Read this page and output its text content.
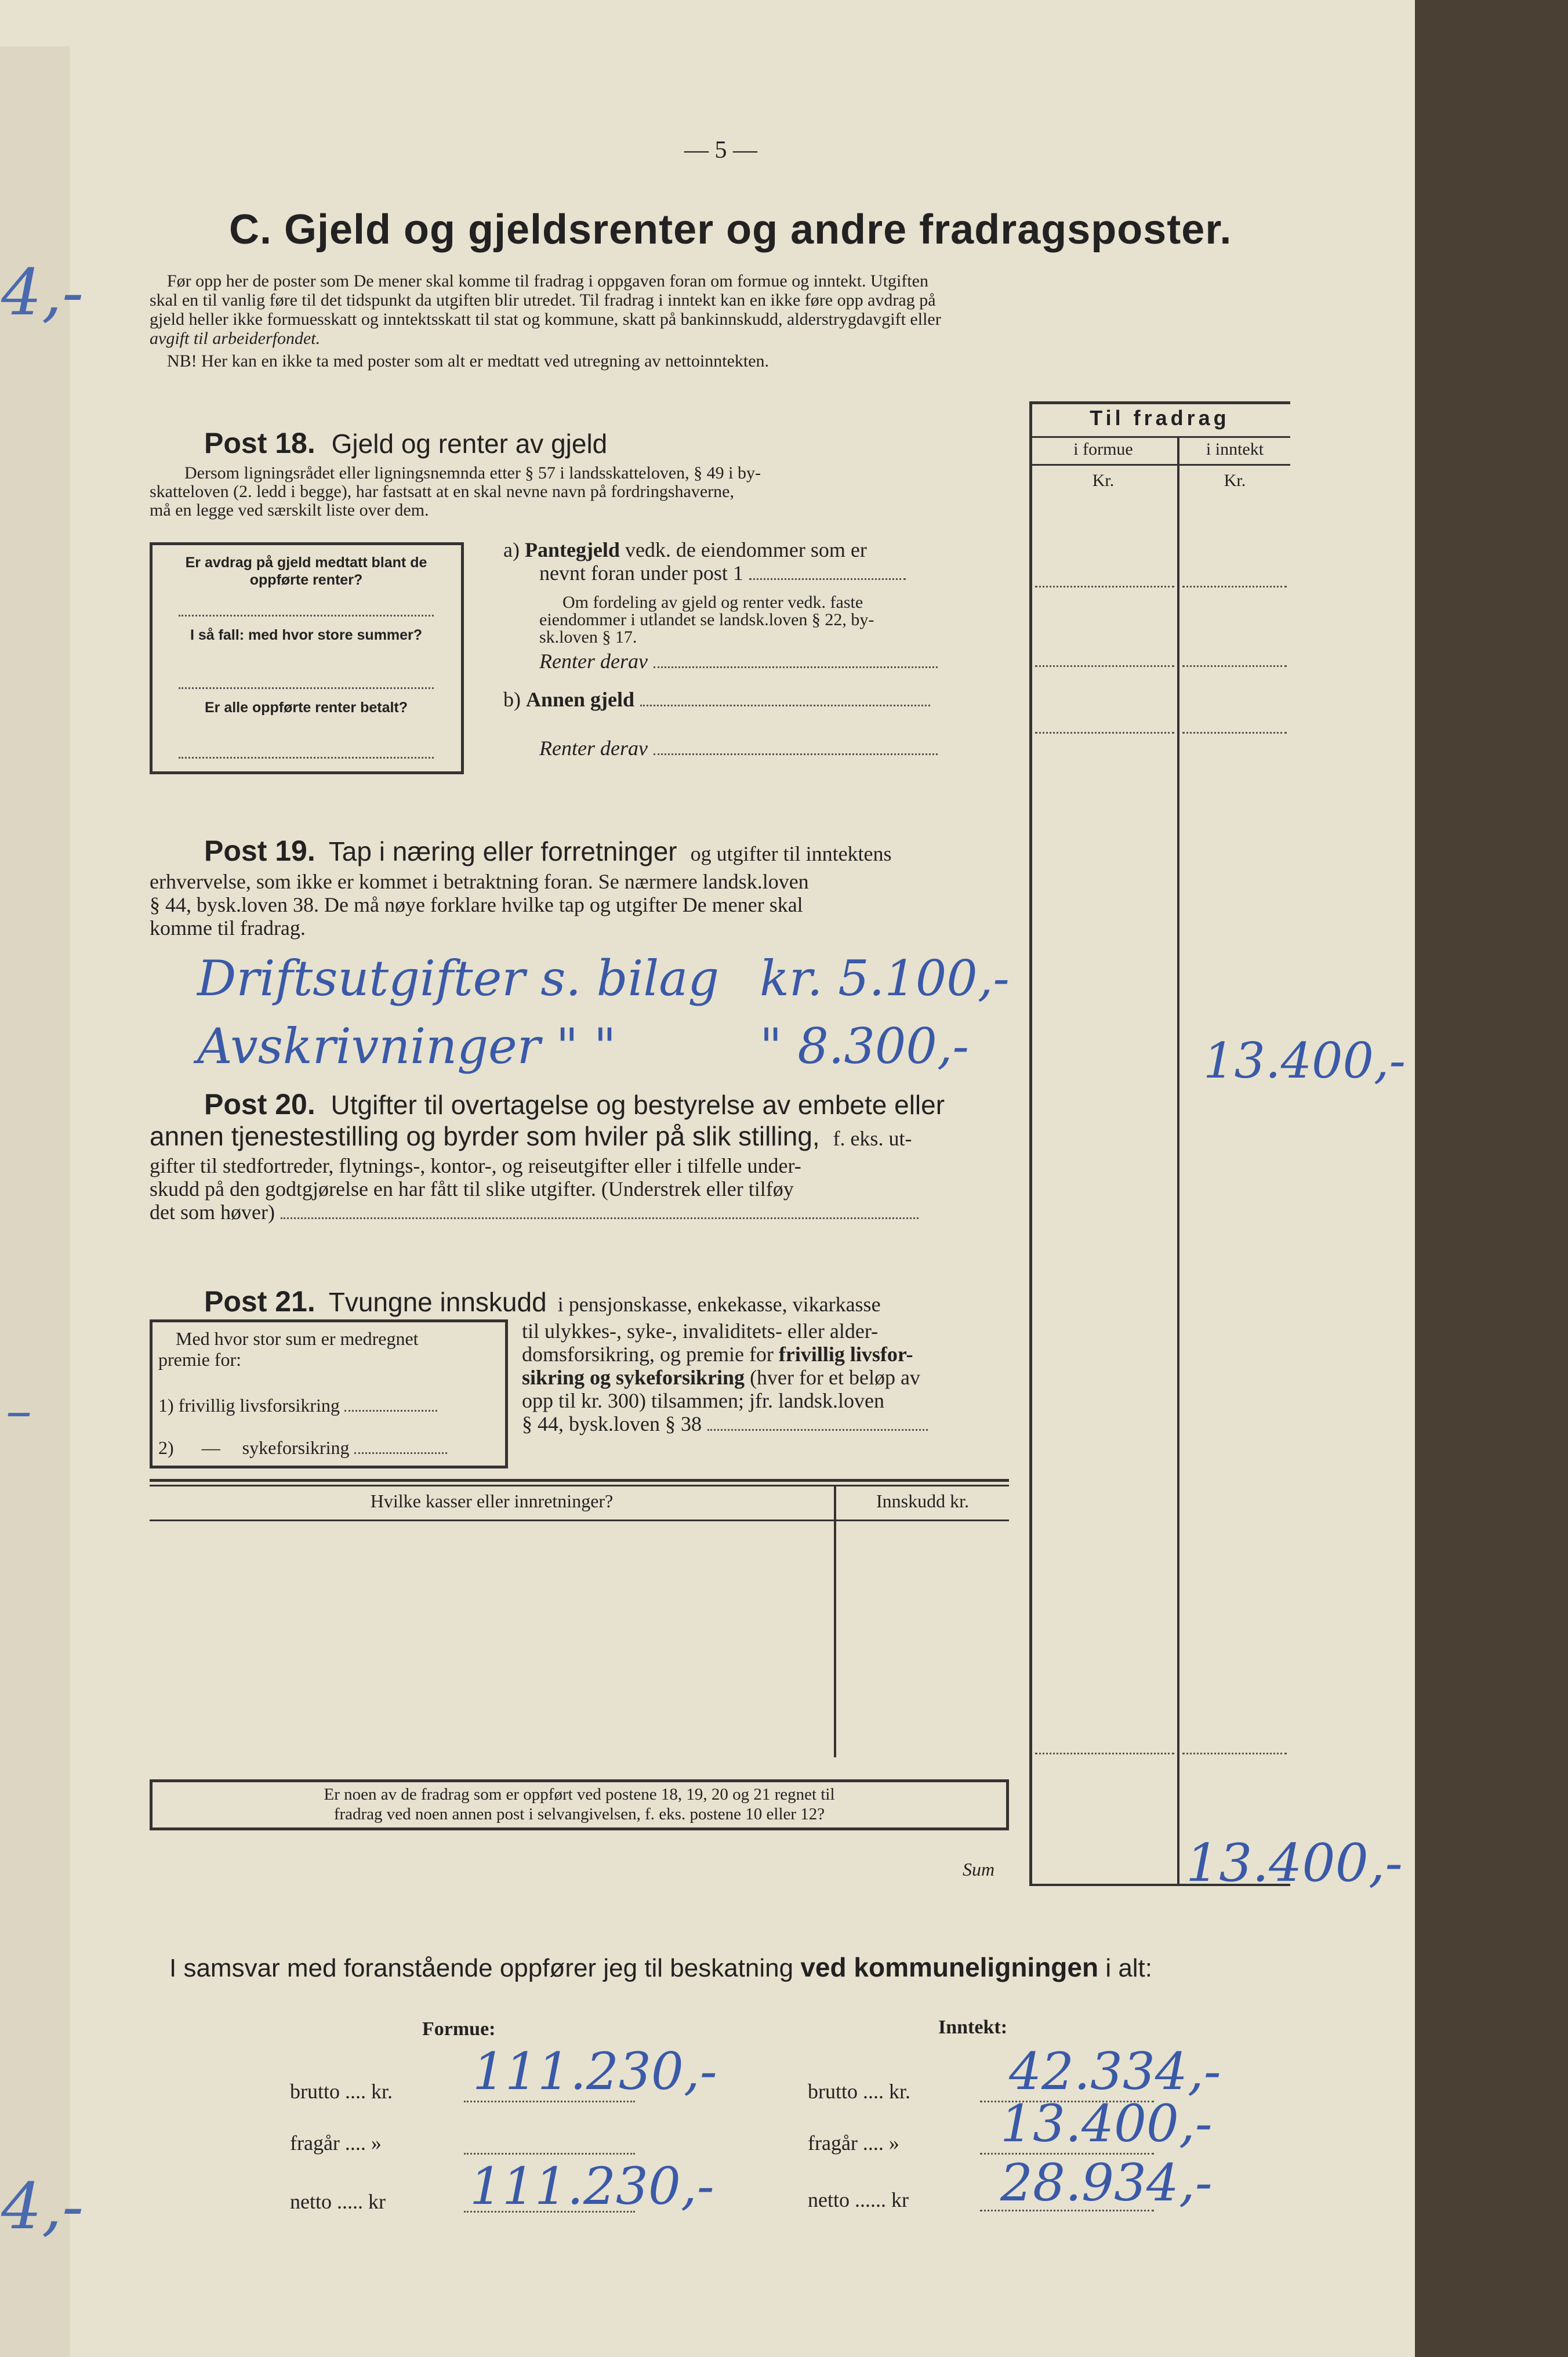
4,-
–
4,-
— 5 —
C. Gjeld og gjeldsrenter og andre fradragsposter.

Før opp her de poster som De mener skal komme til fradrag i oppgaven foran om formue og inntekt. Utgiften

skal en til vanlig føre til det tidspunkt da utgiften blir utredet. Til fradrag i inntekt kan en ikke føre opp avdrag på

gjeld heller ikke formuesskatt og inntektsskatt til stat og kommune, skatt på bankinnskudd, alderstrygdavgift eller

avgift til arbeiderfondet.

NB! Her kan en ikke ta med poster som alt er medtatt ved utregning av nettoinntekten.

Til fradrag
i formue	i inntekt
Kr.	Kr.
Post 18. Gjeld og renter av gjeld

Dersom ligningsrådet eller ligningsnemnda etter § 57 i landsskatteloven, § 49 i by-

skatteloven (2. ledd i begge), har fastsatt at en skal nevne navn på fordringshaverne,

må en legge ved særskilt liste over dem.

Er avdrag på gjeld medtatt blant de oppførte renter?
I så fall: med hvor store summer?
Er alle oppførte renter betalt?
a) Pantegjeld vedk. de eiendommer som er
nevnt foran under post 1

Om fordeling av gjeld og renter vedk. faste

eiendommer i utlandet se landsk.loven § 22, by-

sk.loven § 17.

Renter derav
b) Annen gjeld
Renter derav
Post 19. Tap i næring eller forretninger og utgifter til inntektens

erhvervelse, som ikke er kommet i betraktning foran. Se nærmere landsk.loven

§ 44, bysk.loven 38. De må nøye forklare hvilke tap og utgifter De mener skal

komme til fradrag.

Driftsutgifter s. bilag kr. 5.100,-
Avskrivninger " "	" 8.300,-	13.400,-
Post 20. Utgifter til overtagelse og bestyrelse av embete eller
annen tjenestestilling og byrder som hviler på slik stilling, f. eks. ut-

gifter til stedfortreder, flytnings-, kontor-, og reiseutgifter eller i tilfelle under-

skudd på den godtgjørelse en har fått til slike utgifter. (Understrek eller tilføy

det som høver)

Post 21. Tvungne innskudd i pensjonskasse, enkekasse, vikarkasse

Med hvor stor sum er medregnet

premie for:

1) frivillig livsforsikring
2) — sykeforsikring

til ulykkes-, syke-, invaliditets- eller alder-

domsforsikring, og premie for frivillig livsfor-

sikring og sykeforsikring (hver for et beløp av

opp til kr. 300) tilsammen; jfr. landsk.loven

§ 44, bysk.loven § 38

Hvilke kasser eller innretninger?	Innskudd kr.

Er noen av de fradrag som er oppført ved postene 18, 19, 20 og 21 regnet til

fradrag ved noen annen post i selvangivelsen, f. eks. postene 10 eller 12?

Sum	13.400,-
I samsvar med foranstående oppfører jeg til beskatning ved kommuneligningen i alt:
Formue:	Inntekt:
brutto .... kr. 111.230,-
fragår .... »
netto ..... kr 111.230,-
brutto .... kr. 42.334,-
fragår .... » 13.400,-
netto ...... kr 28.934,-
